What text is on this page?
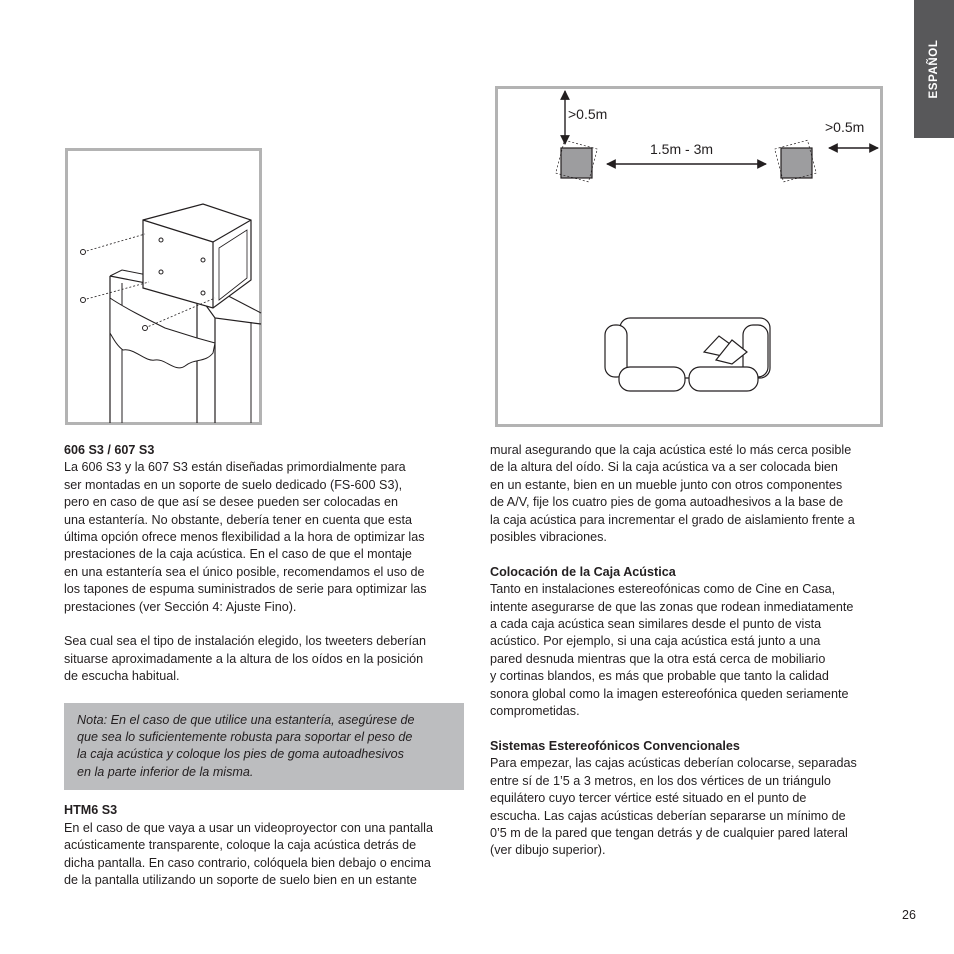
ESPAÑOL
>0.5m
1.5m - 3m
>0.5m
606 S3 / 607 S3

La 606 S3 y la 607 S3 están diseñadas primordialmente para
ser montadas en un soporte de suelo dedicado (FS-600 S3),
pero en caso de que así se desee pueden ser colocadas en
una estantería. No obstante, debería tener en cuenta que esta
última opción ofrece menos flexibilidad a la hora de optimizar las
prestaciones de la caja acústica. En el caso de que el montaje
en una estantería sea el único posible, recomendamos el uso de
los tapones de espuma suministrados de serie para optimizar las
prestaciones (ver Sección 4: Ajuste Fino).

Sea cual sea el tipo de instalación elegido, los tweeters deberían
situarse aproximadamente a la altura de los oídos en la posición
de escucha habitual.

Nota: En el caso de que utilice una estantería, asegúrese de
que sea lo suficientemente robusta para soportar el peso de
la caja acústica y coloque los pies de goma autoadhesivos
en la parte inferior de la misma.
HTM6 S3

En el caso de que vaya a usar un videoproyector con una pantalla
acústicamente transparente, coloque la caja acústica detrás de
dicha pantalla. En caso contrario, colóquela bien debajo o encima
de la pantalla utilizando un soporte de suelo bien en un estante

mural asegurando que la caja acústica esté lo más cerca posible
de la altura del oído. Si la caja acústica va a ser colocada bien
en un estante, bien en un mueble junto con otros componentes
de A/V, fije los cuatro pies de goma autoadhesivos a la base de
la caja acústica para incrementar el grado de aislamiento frente a
posibles vibraciones.

Colocación de la Caja Acústica

Tanto en instalaciones estereofónicas como de Cine en Casa,
intente asegurarse de que las zonas que rodean inmediatamente
a cada caja acústica sean similares desde el punto de vista
acústico. Por ejemplo, si una caja acústica está junto a una
pared desnuda mientras que la otra está cerca de mobiliario
y cortinas blandos, es más que probable que tanto la calidad
sonora global como la imagen estereofónica queden seriamente
comprometidas.

Sistemas Estereofónicos Convencionales

Para empezar, las cajas acústicas deberían colocarse, separadas
entre sí de 1’5 a 3 metros, en los dos vértices de un triángulo
equilátero cuyo tercer vértice esté situado en el punto de
escucha. Las cajas acústicas deberían separarse un mínimo de
0’5 m de la pared que tengan detrás y de cualquier pared lateral
(ver dibujo superior).

26
